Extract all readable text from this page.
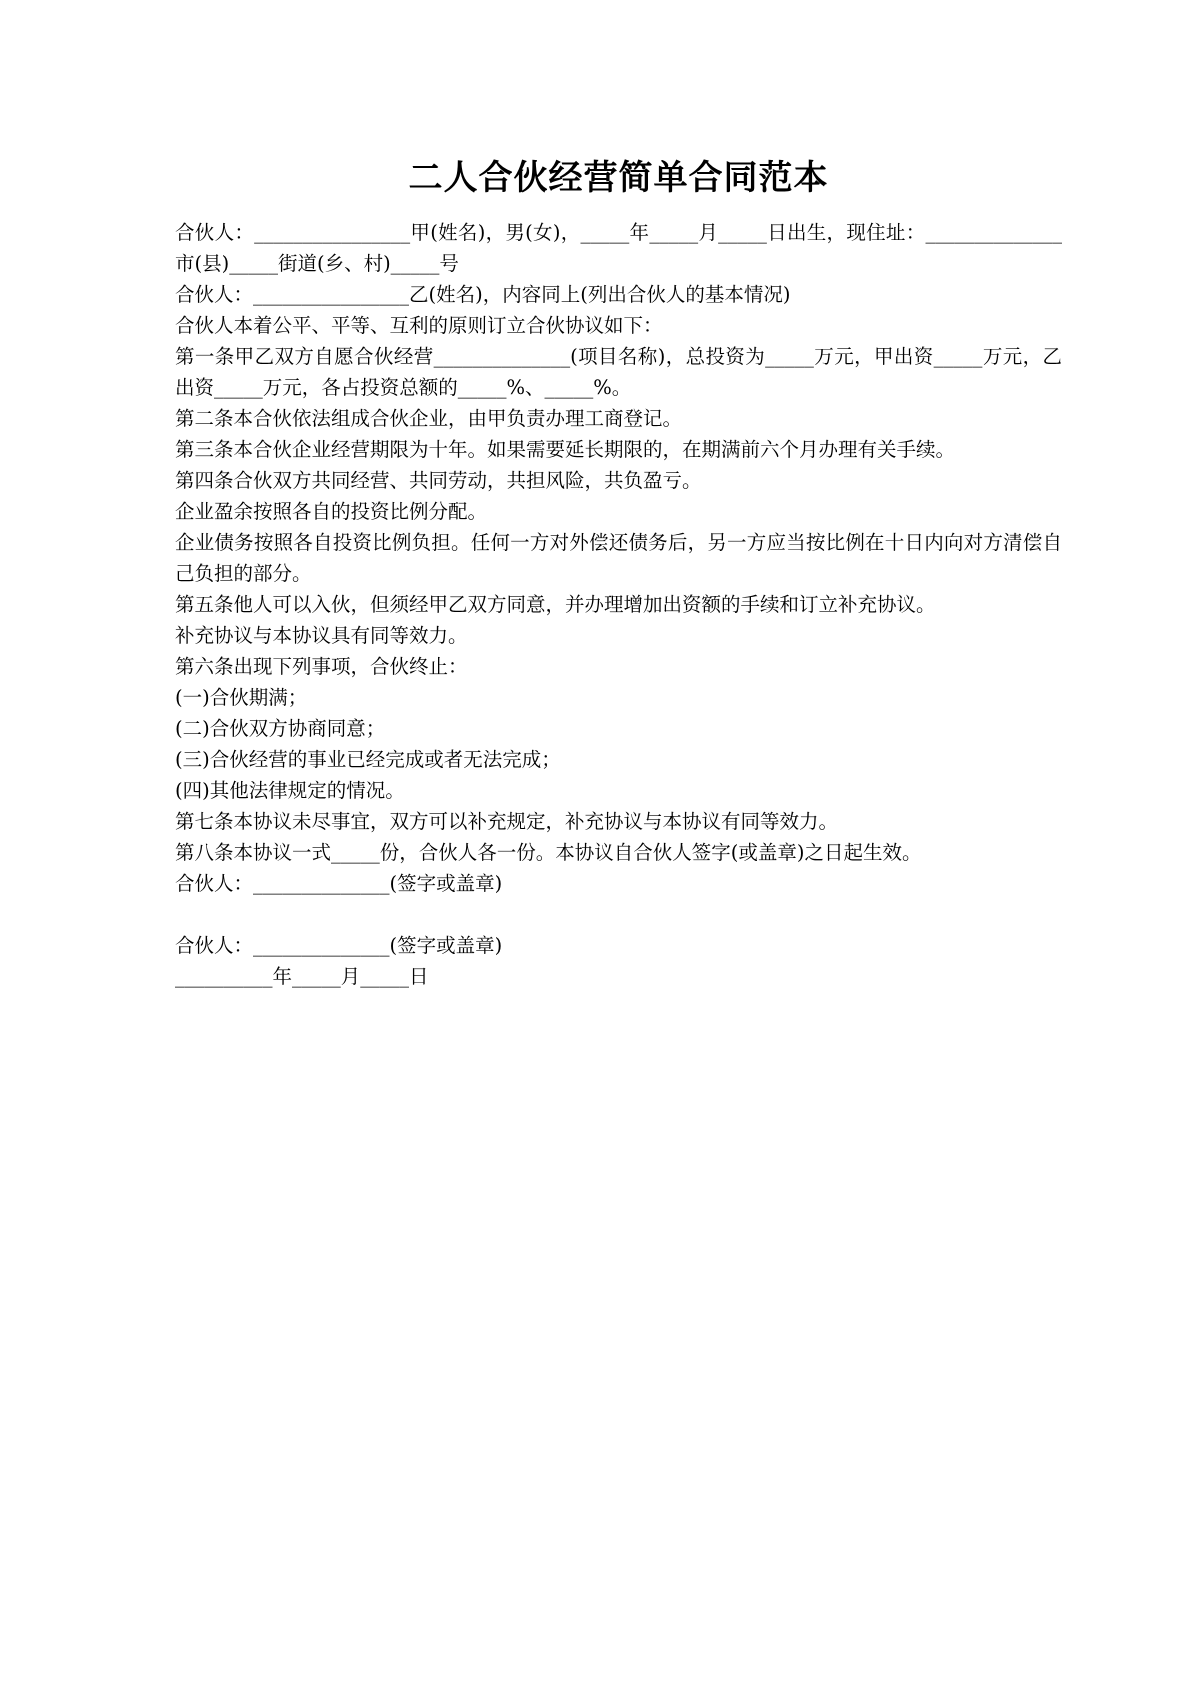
二人合伙经营简单合同范本

合伙人：________________甲(姓名)，男(女)，_____年_____月_____日出生，现住址：______________市(县)_____街道(乡、村)_____号

合伙人：________________乙(姓名)，内容同上(列出合伙人的基本情况)

合伙人本着公平、平等、互利的原则订立合伙协议如下：

第一条甲乙双方自愿合伙经营______________(项目名称)，总投资为_____万元，甲出资_____万元，乙出资_____万元，各占投资总额的_____%、_____%。

第二条本合伙依法组成合伙企业，由甲负责办理工商登记。

第三条本合伙企业经营期限为十年。如果需要延长期限的，在期满前六个月办理有关手续。

第四条合伙双方共同经营、共同劳动，共担风险，共负盈亏。

企业盈余按照各自的投资比例分配。

企业债务按照各自投资比例负担。任何一方对外偿还债务后，另一方应当按比例在十日内向对方清偿自己负担的部分。

第五条他人可以入伙，但须经甲乙双方同意，并办理增加出资额的手续和订立补充协议。

补充协议与本协议具有同等效力。

第六条出现下列事项，合伙终止：

(一)合伙期满；

(二)合伙双方协商同意；

(三)合伙经营的事业已经完成或者无法完成；

(四)其他法律规定的情况。

第七条本协议未尽事宜，双方可以补充规定，补充协议与本协议有同等效力。

第八条本协议一式_____份，合伙人各一份。本协议自合伙人签字(或盖章)之日起生效。

合伙人：______________(签字或盖章)

合伙人：______________(签字或盖章)

__________年_____月_____日
